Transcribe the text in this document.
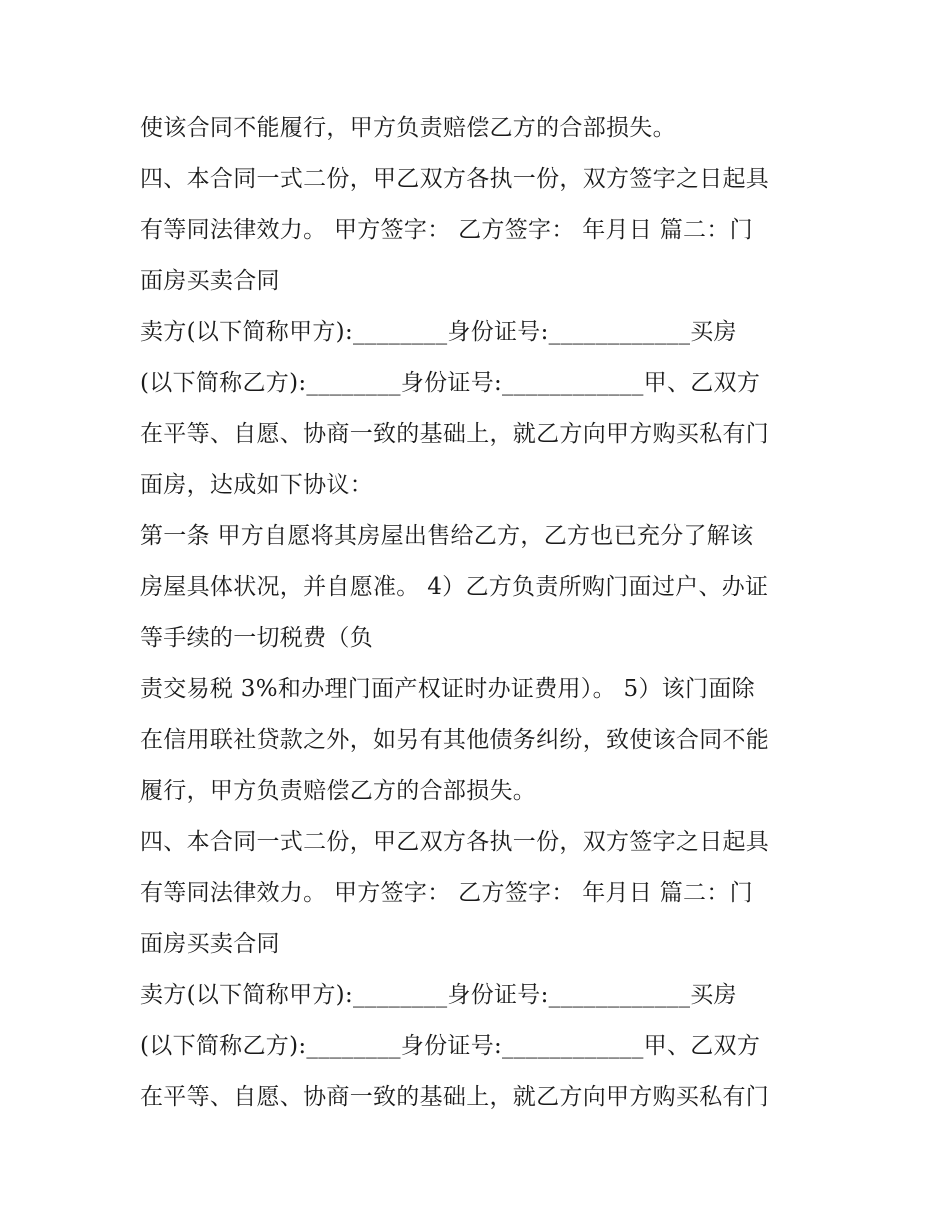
使该合同不能履行，甲方负责赔偿乙方的合部损失。
四、本合同一式二份，甲乙双方各执一份，双方签字之日起具
有等同法律效力。 甲方签字： 乙方签字： 年月日 篇二：门
面房买卖合同
卖方(以下简称甲方):________身份证号:____________买房
(以下简称乙方):________身份证号:____________甲、乙双方
在平等、自愿、协商一致的基础上，就乙方向甲方购买私有门
面房，达成如下协议：
第一条 甲方自愿将其房屋出售给乙方，乙方也已充分了解该
房屋具体状况，并自愿准。 4）乙方负责所购门面过户、办证
等手续的一切税费（负
责交易税 3%和办理门面产权证时办证费用）。 5）该门面除
在信用联社贷款之外，如另有其他债务纠纷，致使该合同不能
履行，甲方负责赔偿乙方的合部损失。
四、本合同一式二份，甲乙双方各执一份，双方签字之日起具
有等同法律效力。 甲方签字： 乙方签字： 年月日 篇二：门
面房买卖合同
卖方(以下简称甲方):________身份证号:____________买房
(以下简称乙方):________身份证号:____________甲、乙双方
在平等、自愿、协商一致的基础上，就乙方向甲方购买私有门
